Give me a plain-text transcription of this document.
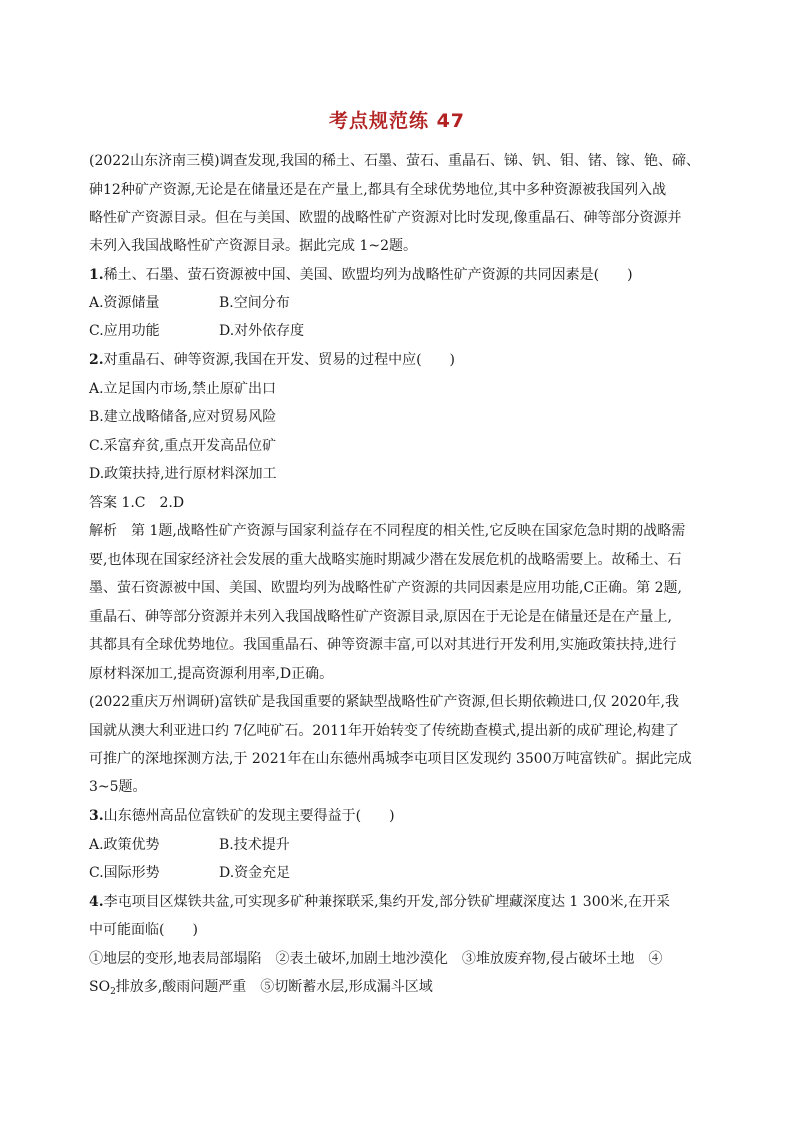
考点规范练 47
(2022山东济南三模)调查发现,我国的稀土、石墨、萤石、重晶石、锑、钒、钼、锗、镓、铯、碲、
砷12种矿产资源,无论是在储量还是在产量上,都具有全球优势地位,其中多种资源被我国列入战
略性矿产资源目录。但在与美国、欧盟的战略性矿产资源对比时发现,像重晶石、砷等部分资源并
未列入我国战略性矿产资源目录。据此完成 1~2题。
1.稀土、石墨、萤石资源被中国、美国、欧盟均列为战略性矿产资源的共同因素是(　　)
A.资源储量	B.空间分布
C.应用功能	D.对外依存度
2.对重晶石、砷等资源,我国在开发、贸易的过程中应(　　)
A.立足国内市场,禁止原矿出口
B.建立战略储备,应对贸易风险
C.采富弃贫,重点开发高品位矿
D.政策扶持,进行原材料深加工
答案 1.C　2.D
解析　第 1题,战略性矿产资源与国家利益存在不同程度的相关性,它反映在国家危急时期的战略需
要,也体现在国家经济社会发展的重大战略实施时期减少潜在发展危机的战略需要上。故稀土、石
墨、萤石资源被中国、美国、欧盟均列为战略性矿产资源的共同因素是应用功能,C正确。第 2题,
重晶石、砷等部分资源并未列入我国战略性矿产资源目录,原因在于无论是在储量还是在产量上,
其都具有全球优势地位。我国重晶石、砷等资源丰富,可以对其进行开发利用,实施政策扶持,进行
原材料深加工,提高资源利用率,D正确。
(2022重庆万州调研)富铁矿是我国重要的紧缺型战略性矿产资源,但长期依赖进口,仅 2020年,我
国就从澳大利亚进口约 7亿吨矿石。2011年开始转变了传统勘查模式,提出新的成矿理论,构建了
可推广的深地探测方法,于 2021年在山东德州禹城李屯项目区发现约 3500万吨富铁矿。据此完成
3~5题。
3.山东德州高品位富铁矿的发现主要得益于(　　)
A.政策优势	B.技术提升
C.国际形势	D.资金充足
4.李屯项目区煤铁共盆,可实现多矿种兼探联采,集约开发,部分铁矿埋藏深度达 1 300米,在开采
中可能面临(　　)
①地层的变形,地表局部塌陷　②表土破坏,加剧土地沙漠化　③堆放废弃物,侵占破坏土地　④
$SO_2$排放多,酸雨问题严重　⑤切断蓄水层,形成漏斗区域
